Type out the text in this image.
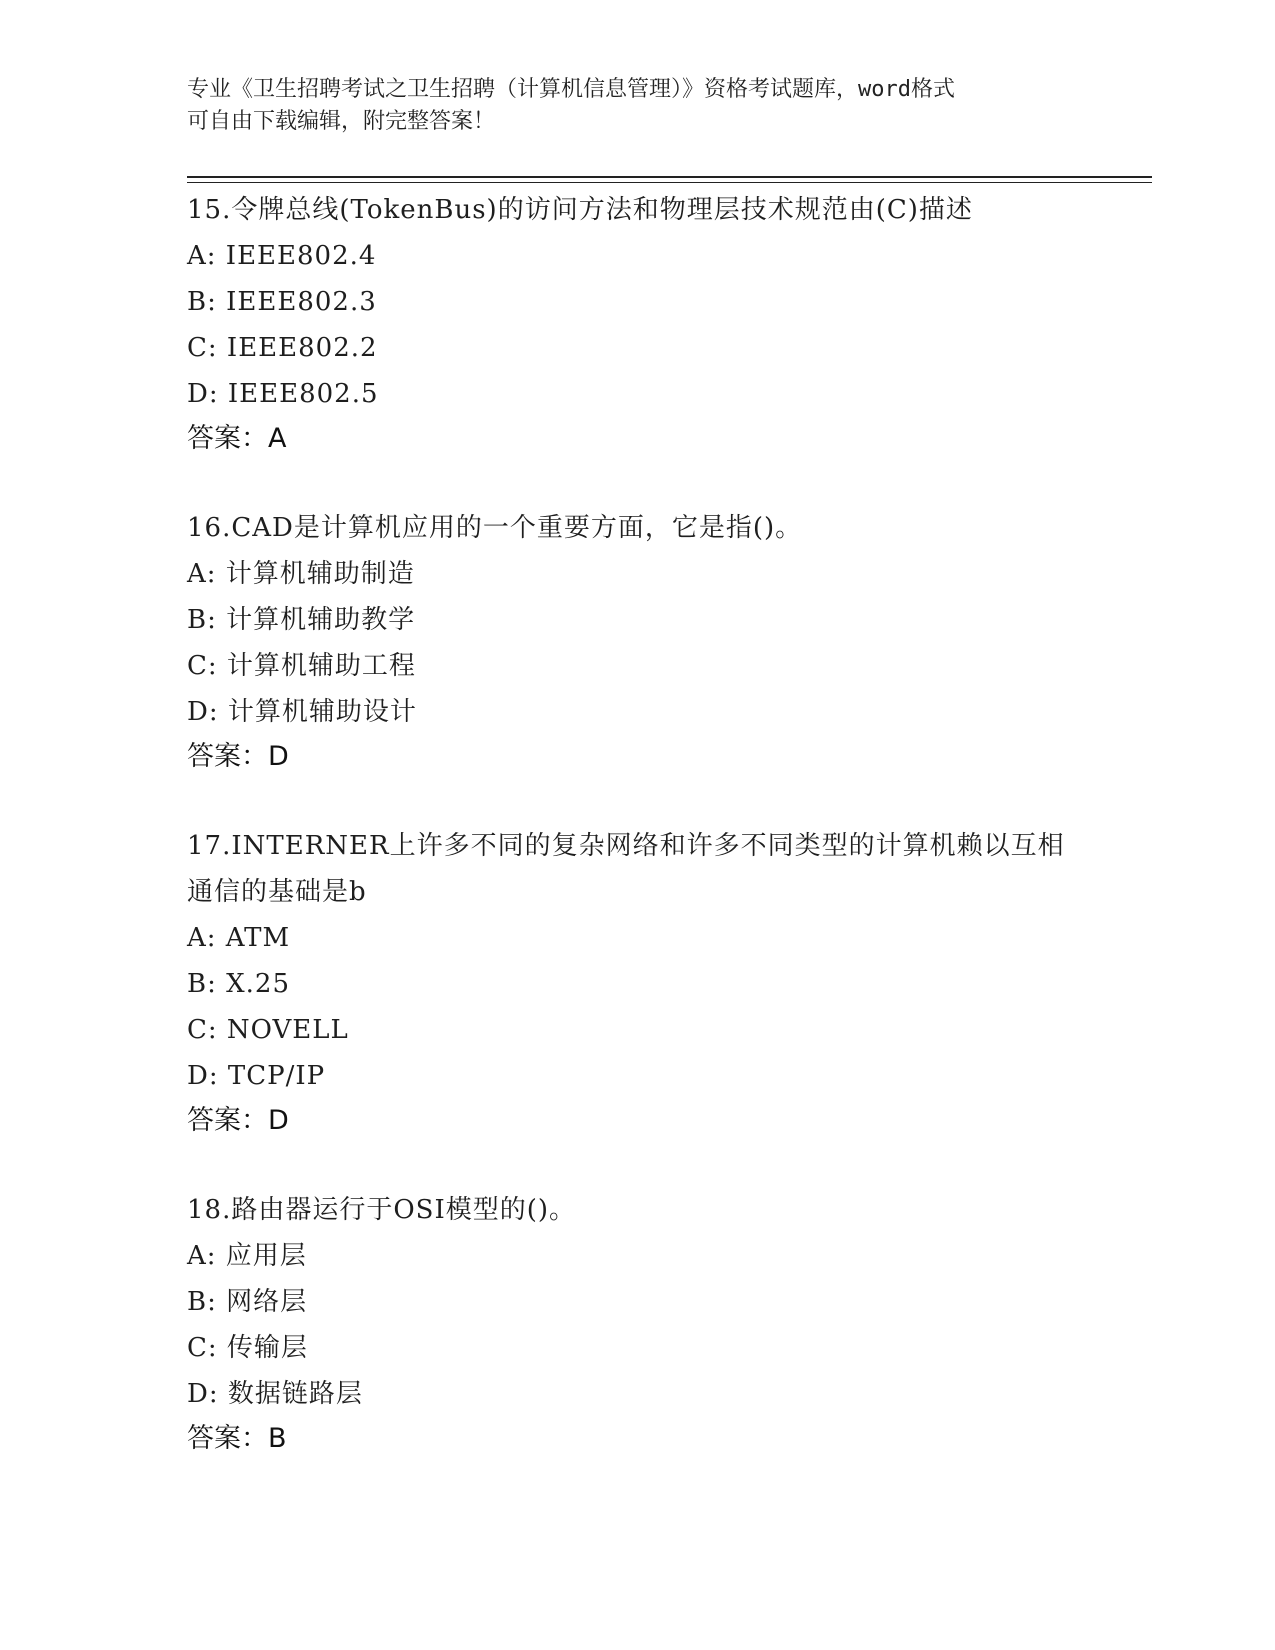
专业《卫生招聘考试之卫生招聘（计算机信息管理）》资格考试题库，word格式
可自由下载编辑，附完整答案！

15.令牌总线(TokenBus)的访问方法和物理层技术规范由(C)描述

A: IEEE802.4

B: IEEE802.3

C: IEEE802.2

D: IEEE802.5

答案：A

16.CAD是计算机应用的一个重要方面，它是指()。

A: 计算机辅助制造

B: 计算机辅助教学

C: 计算机辅助工程

D: 计算机辅助设计

答案：D

17.INTERNER上许多不同的复杂网络和许多不同类型的计算机赖以互相

通信的基础是b

A: ATM

B: X.25

C: NOVELL

D: TCP/IP

答案：D

18.路由器运行于OSI模型的()。

A: 应用层

B: 网络层

C: 传输层

D: 数据链路层

答案：B
